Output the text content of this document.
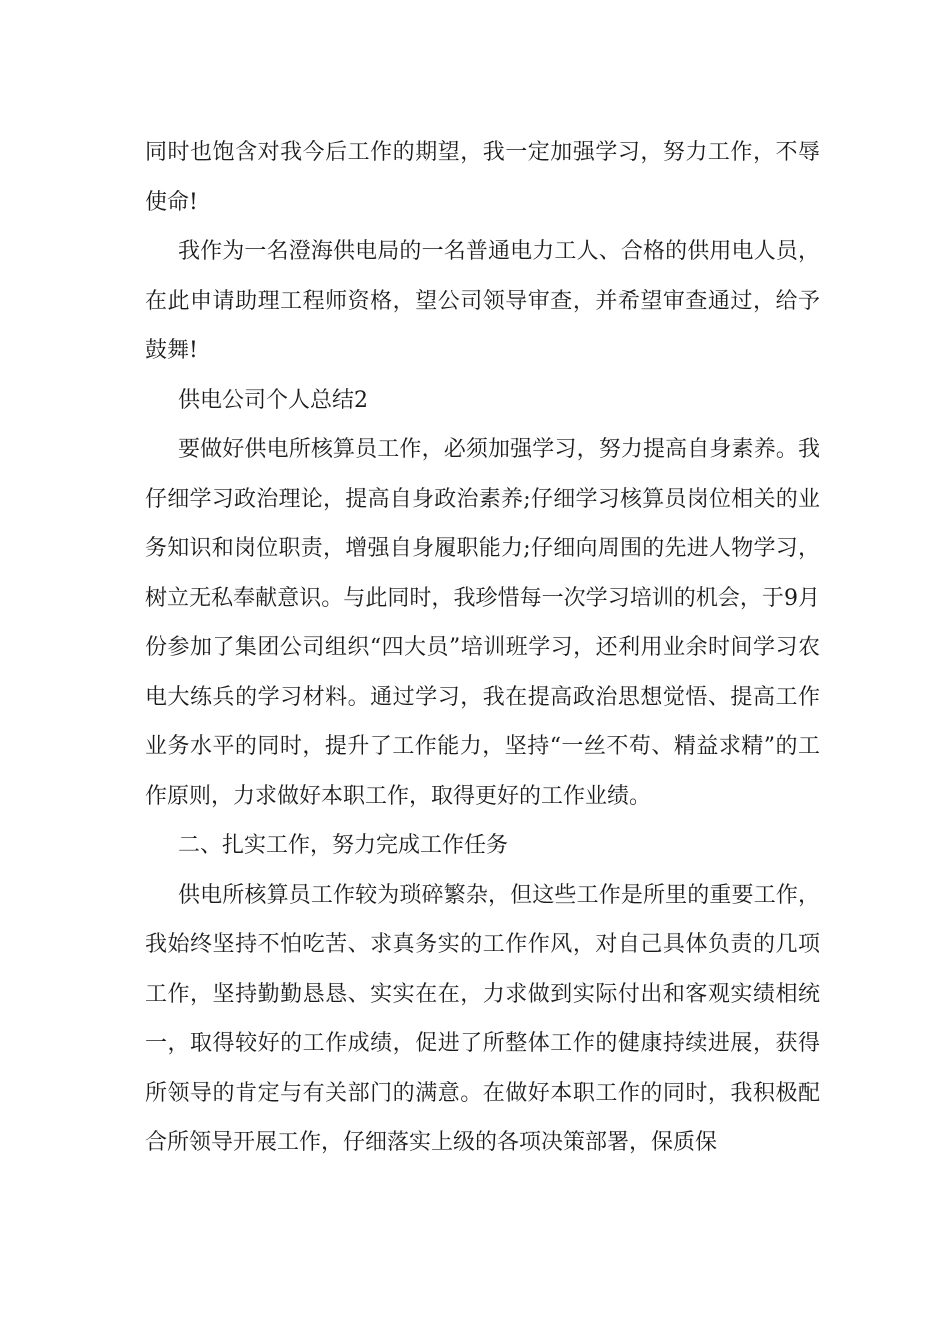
同时也饱含对我今后工作的期望，我一定加强学习，努力工作，不辱使命!

我作为一名澄海供电局的一名普通电力工人、合格的供用电人员，在此申请助理工程师资格，望公司领导审查，并希望审查通过，给予鼓舞!

供电公司个人总结2

要做好供电所核算员工作，必须加强学习，努力提高自身素养。我仔细学习政治理论，提高自身政治素养;仔细学习核算员岗位相关的业务知识和岗位职责，增强自身履职能力;仔细向周围的先进人物学习，树立无私奉献意识。与此同时，我珍惜每一次学习培训的机会，于9月份参加了集团公司组织“四大员”培训班学习，还利用业余时间学习农电大练兵的学习材料。通过学习，我在提高政治思想觉悟、提高工作业务水平的同时，提升了工作能力，坚持“一丝不苟、精益求精”的工作原则，力求做好本职工作，取得更好的工作业绩。

二、扎实工作，努力完成工作任务

供电所核算员工作较为琐碎繁杂，但这些工作是所里的重要工作，我始终坚持不怕吃苦、求真务实的工作作风，对自己具体负责的几项工作，坚持勤勤恳恳、实实在在，力求做到实际付出和客观实绩相统一，取得较好的工作成绩，促进了所整体工作的健康持续进展，获得所领导的肯定与有关部门的满意。在做好本职工作的同时，我积极配合所领导开展工作，仔细落实上级的各项决策部署，保质保
